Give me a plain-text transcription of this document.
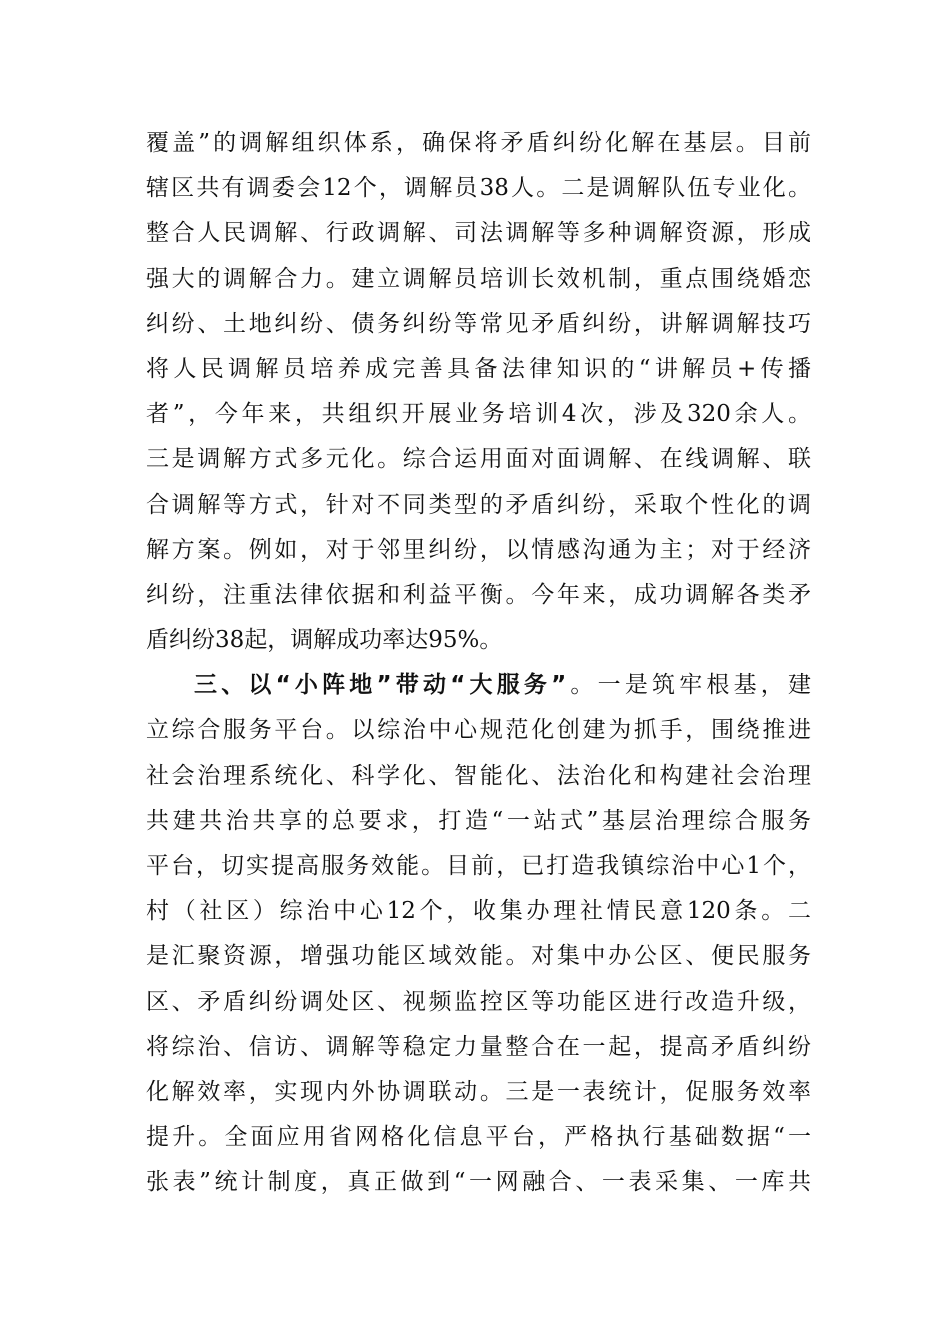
覆盖”的调解组织体系，确保将矛盾纠纷化解在基层。目前
辖区共有调委会12个，调解员38人。二是调解队伍专业化。
整合人民调解、行政调解、司法调解等多种调解资源，形成
强大的调解合力。建立调解员培训长效机制，重点围绕婚恋
纠纷、土地纠纷、债务纠纷等常见矛盾纠纷，讲解调解技巧
将人民调解员培养成完善具备法律知识的“讲解员+传播
者”，今年来，共组织开展业务培训4次，涉及320余人。
三是调解方式多元化。综合运用面对面调解、在线调解、联
合调解等方式，针对不同类型的矛盾纠纷，采取个性化的调
解方案。例如，对于邻里纠纷，以情感沟通为主；对于经济
纠纷，注重法律依据和利益平衡。今年来，成功调解各类矛
盾纠纷38起，调解成功率达95%。
三、以“小阵地”带动“大服务”。一是筑牢根基，建
立综合服务平台。以综治中心规范化创建为抓手，围绕推进
社会治理系统化、科学化、智能化、法治化和构建社会治理
共建共治共享的总要求，打造“一站式”基层治理综合服务
平台，切实提高服务效能。目前，已打造我镇综治中心1个，
村（社区）综治中心12个，收集办理社情民意120条。二
是汇聚资源，增强功能区域效能。对集中办公区、便民服务
区、矛盾纠纷调处区、视频监控区等功能区进行改造升级，
将综治、信访、调解等稳定力量整合在一起，提高矛盾纠纷
化解效率，实现内外协调联动。三是一表统计，促服务效率
提升。全面应用省网格化信息平台，严格执行基础数据“一
张表”统计制度，真正做到“一网融合、一表采集、一库共
